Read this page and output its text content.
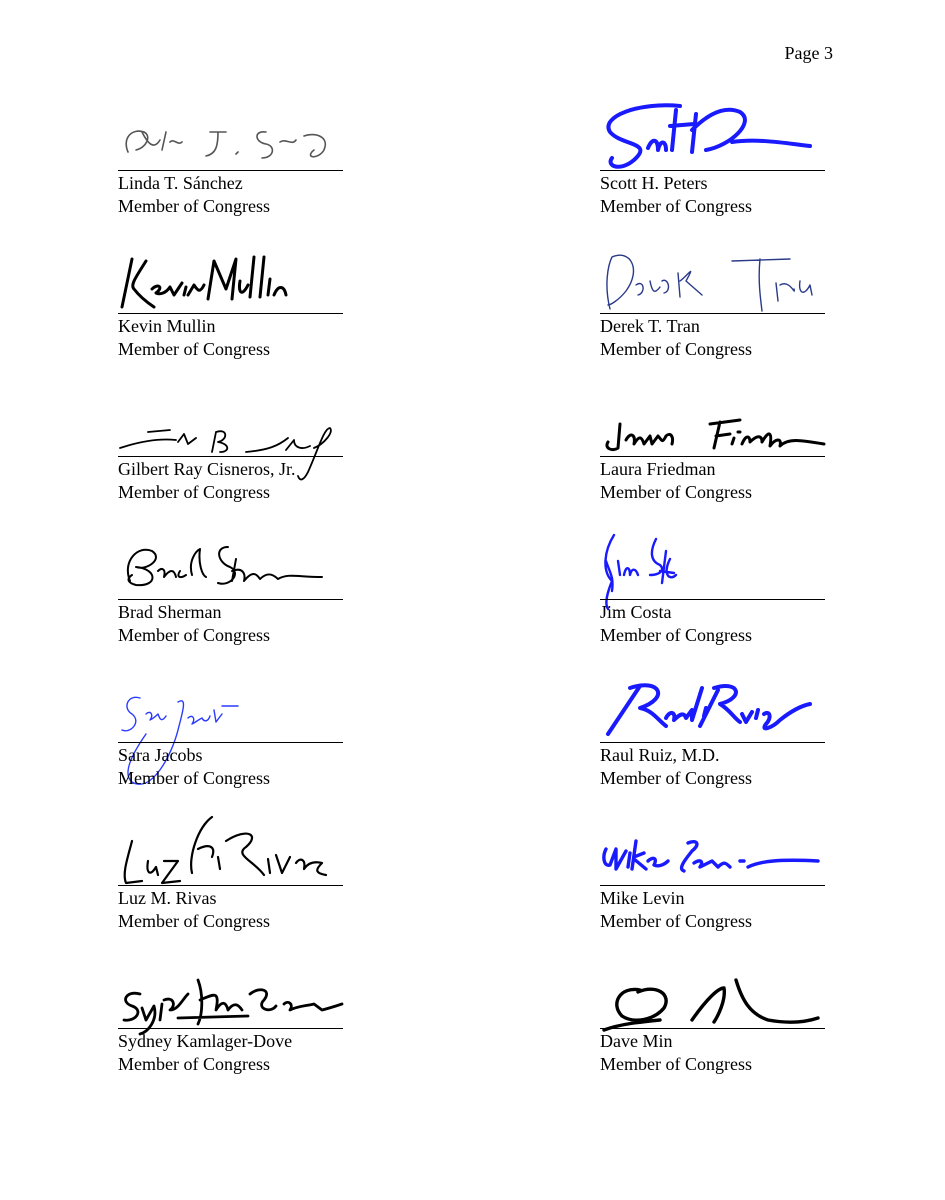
Page 3
Linda T. Sánchez
Member of Congress
Scott H. Peters
Member of Congress
Kevin Mullin
Member of Congress
Derek T. Tran
Member of Congress
Gilbert Ray Cisneros, Jr.
Member of Congress
Laura Friedman
Member of Congress
Brad Sherman
Member of Congress
Jim Costa
Member of Congress
Sara Jacobs
Member of Congress
Raul Ruiz, M.D.
Member of Congress
Luz M. Rivas
Member of Congress
Mike Levin
Member of Congress
Sydney Kamlager-Dove
Member of Congress
Dave Min
Member of Congress
